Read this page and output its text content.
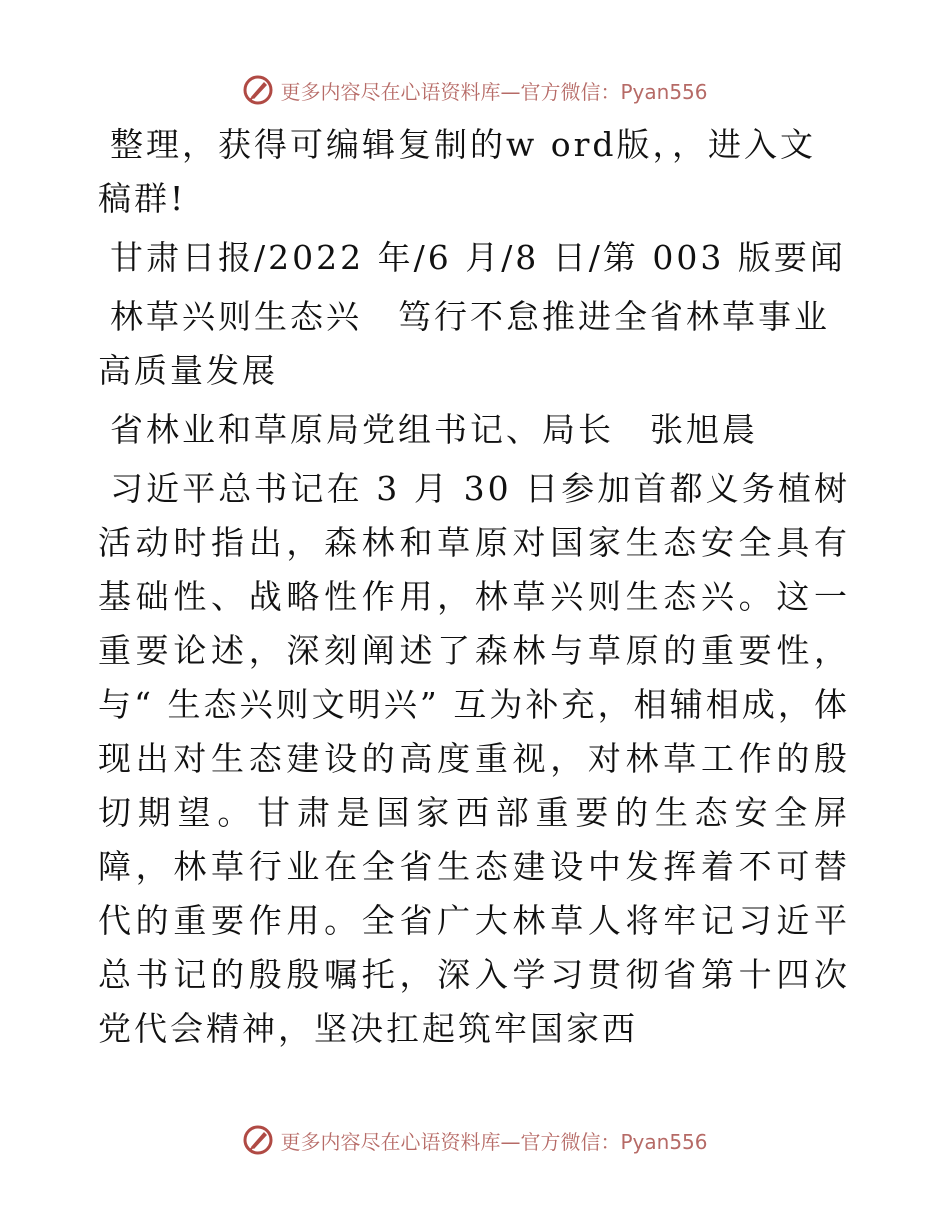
更多内容尽在心语资料库—官方微信：Pyan556

整理，获得可编辑复制的w ord版，，进入文稿群!

甘肃日报/2022 年/6 月/8 日/第 003 版要闻

林草兴则生态兴　笃行不怠推进全省林草事业高质量发展

省林业和草原局党组书记、局长　张旭晨

习近平总书记在 3 月 30 日参加首都义务植树活动时指出，森林和草原对国家生态安全具有基础性、战略性作用，林草兴则生态兴。这一重要论述，深刻阐述了森林与草原的重要性，与“ 生态兴则文明兴” 互为补充，相辅相成，体现出对生态建设的高度重视，对林草工作的殷切期望。甘肃是国家西部重要的生态安全屏障，林草行业在全省生态建设中发挥着不可替代的重要作用。全省广大林草人将牢记习近平总书记的殷殷嘱托，深入学习贯彻省第十四次党代会精神，坚决扛起筑牢国家西

更多内容尽在心语资料库—官方微信：Pyan556
